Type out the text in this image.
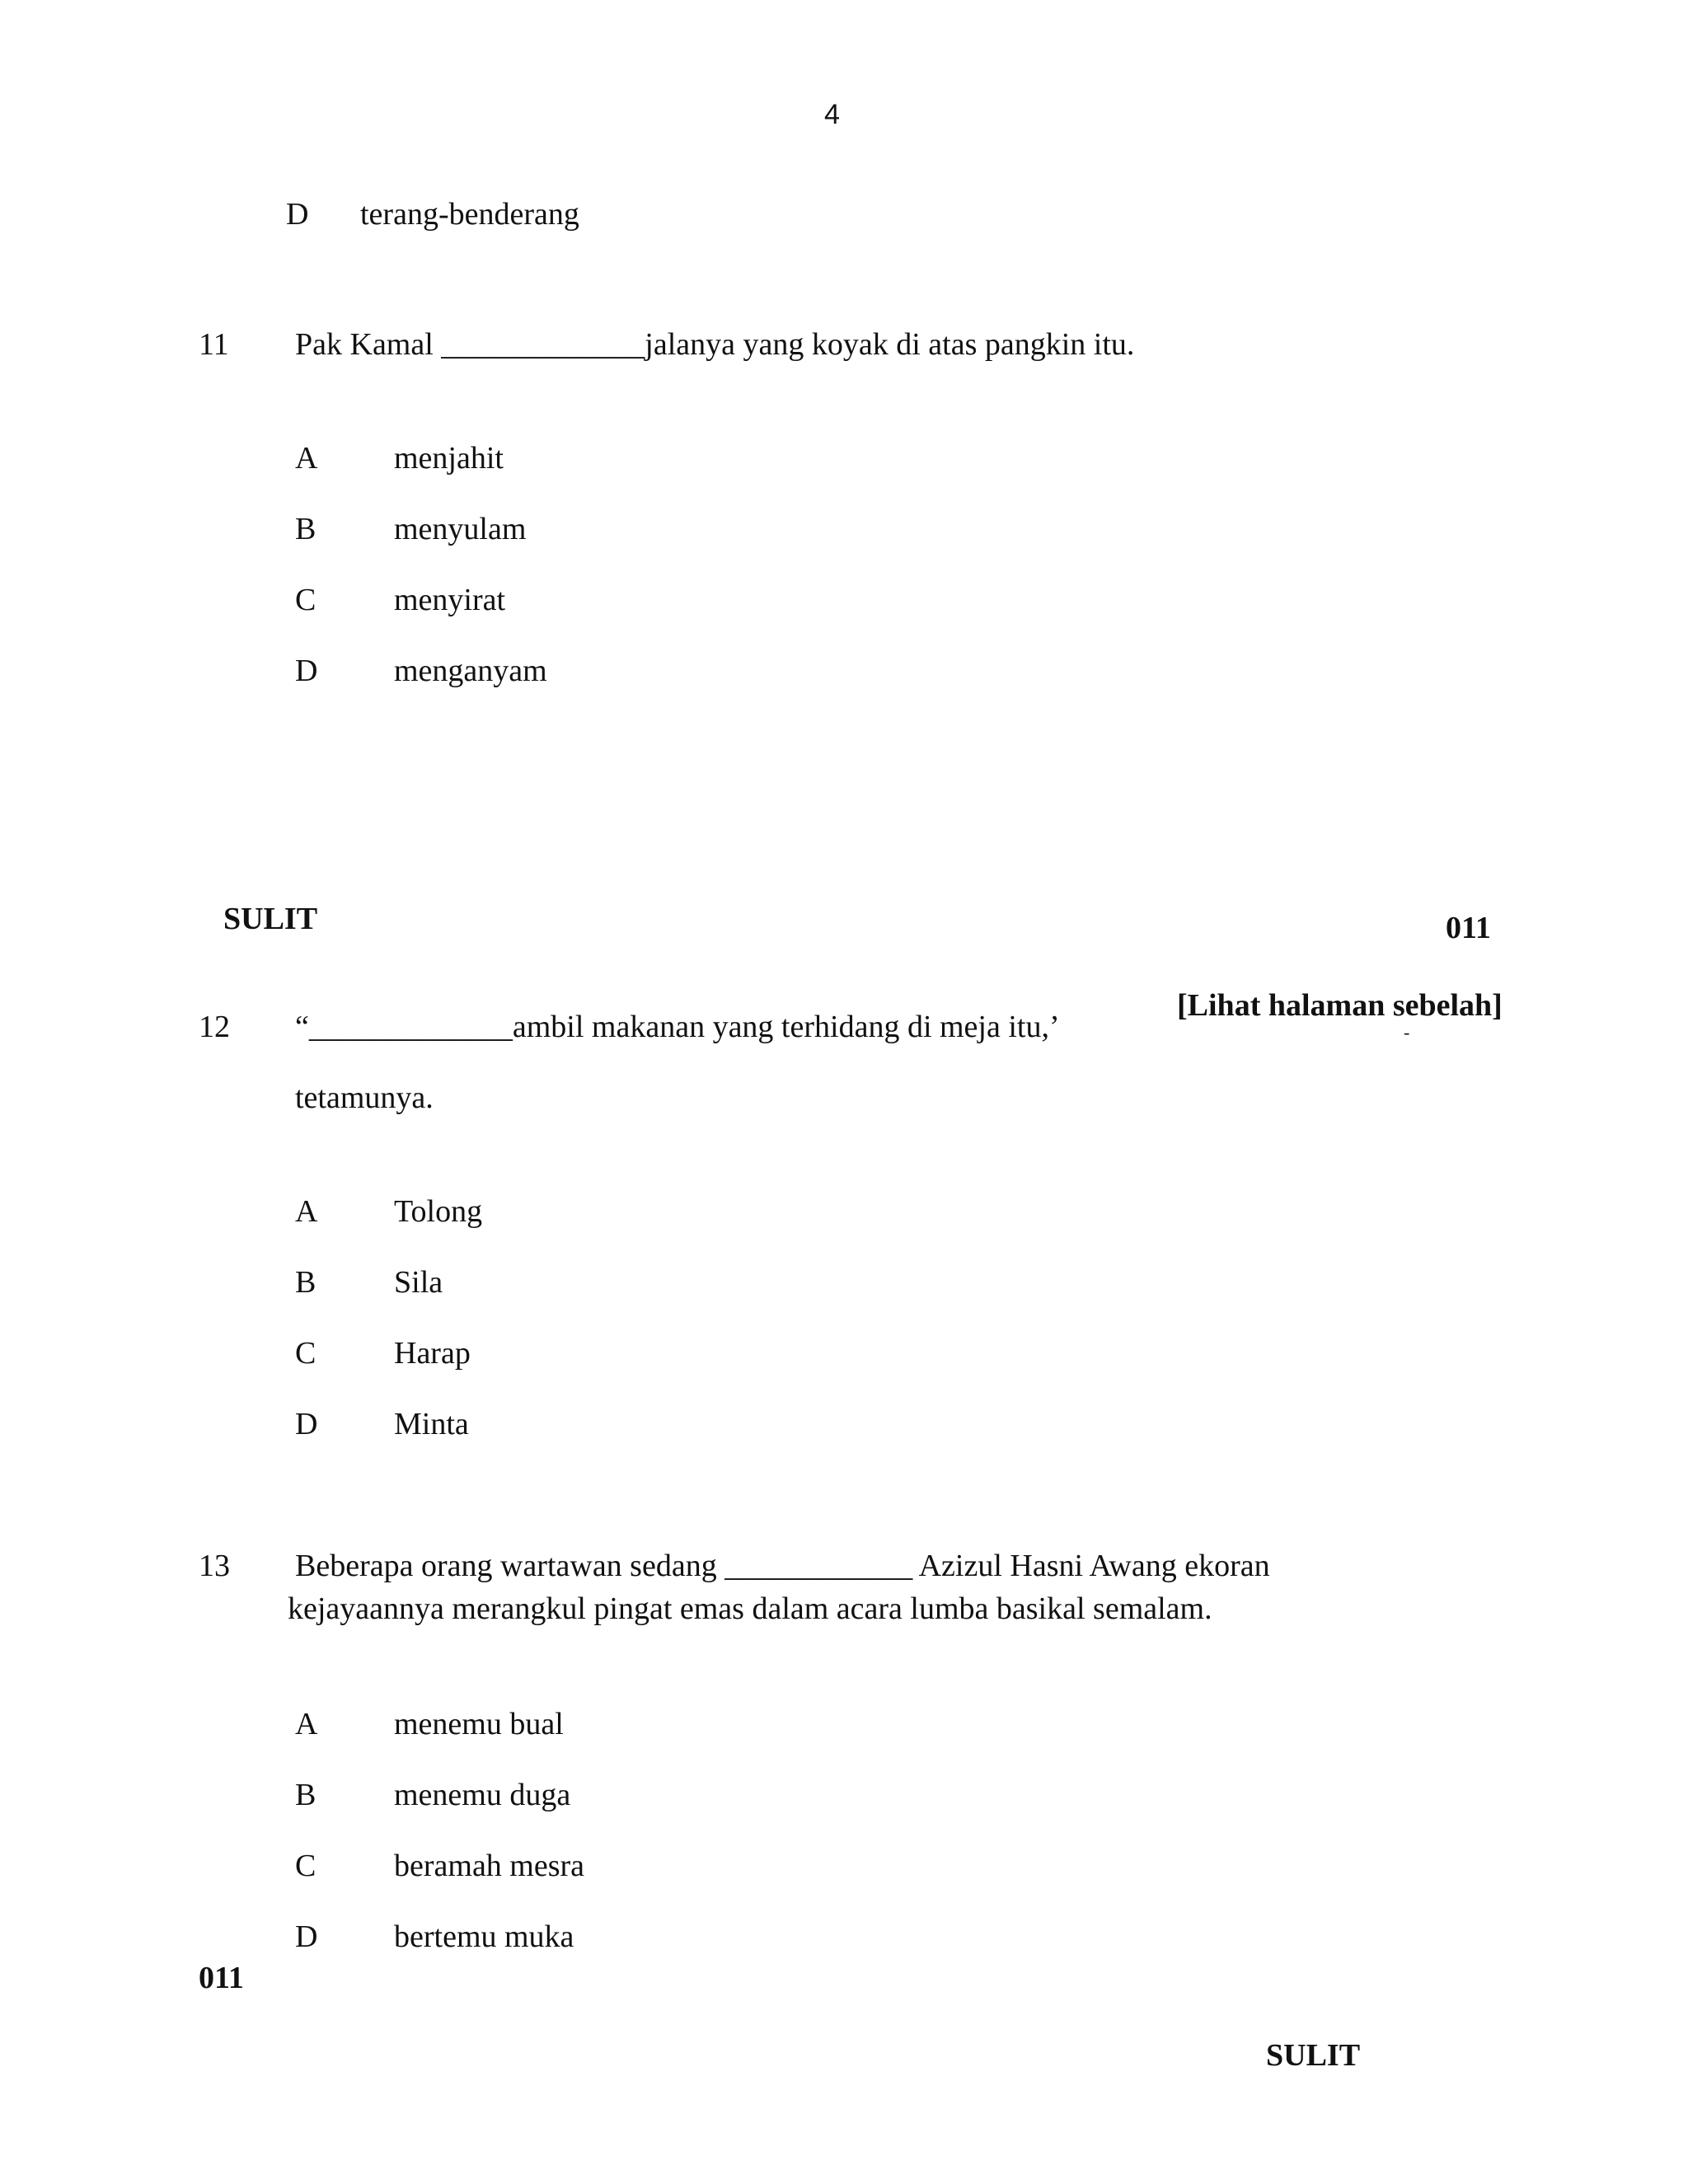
4
D terang-benderang
11 Pak Kamal _____________jalanya yang koyak di atas pangkin itu.
A menjahit
B menyulam
C menyirat
D menganyam
SULIT	011
[Lihat halaman sebelah]
-
12 “_____________ambil makanan yang terhidang di meja itu,’
tetamunya.
A Tolong
B Sila
C Harap
D Minta
13 Beberapa orang wartawan sedang ____________ Azizul Hasni Awang ekoran
kejayaannya merangkul pingat emas dalam acara lumba basikal semalam.
A menemu bual
B menemu duga
C beramah mesra
D bertemu muka
011
SULIT
